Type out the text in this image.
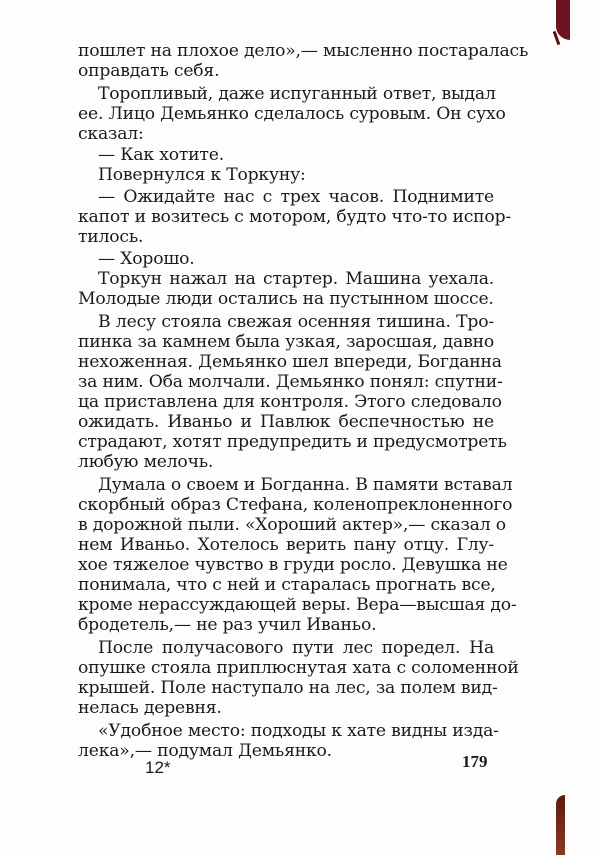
пошлет на плохое дело»,— мысленно постаралась
оправдать себя.
Торопливый, даже испуганный ответ, выдал
ее. Лицо Демьянко сделалось суровым. Он сухо
сказал:
— Как хотите.
Повернулся к Торкуну:
— Ожидайте нас с трех часов. Поднимите
капот и возитесь с мотором, будто что-то испор-
тилось.
— Хорошо.
Торкун нажал на стартер. Машина уехала.
Молодые люди остались на пустынном шоссе.
В лесу стояла свежая осенняя тишина. Тро-
пинка за камнем была узкая, заросшая, давно
нехоженная. Демьянко шел впереди, Богданна
за ним. Оба молчали. Демьянко понял: спутни-
ца приставлена для контроля. Этого следовало
ожидать. Иваньо и Павлюк беспечностью не
страдают, хотят предупредить и предусмотреть
любую мелочь.
Думала о своем и Богданна. В памяти вставал
скорбный образ Стефана, коленопреклоненного
в дорожной пыли. «Хороший актер»,— сказал о
нем Иваньо. Хотелось верить пану отцу. Глу-
хое тяжелое чувство в груди росло. Девушка не
понимала, что с ней и старалась прогнать все,
кроме нерассуждающей веры. Вера—высшая до-
бродетель,— не раз учил Иваньо.
После получасового пути лес поредел. На
опушке стояла приплюснутая хата с соломенной
крышей. Поле наступало на лес, за полем вид-
нелась деревня.
«Удобное место: подходы к хате видны изда-
лека»,— подумал Демьянко.
12*	179
